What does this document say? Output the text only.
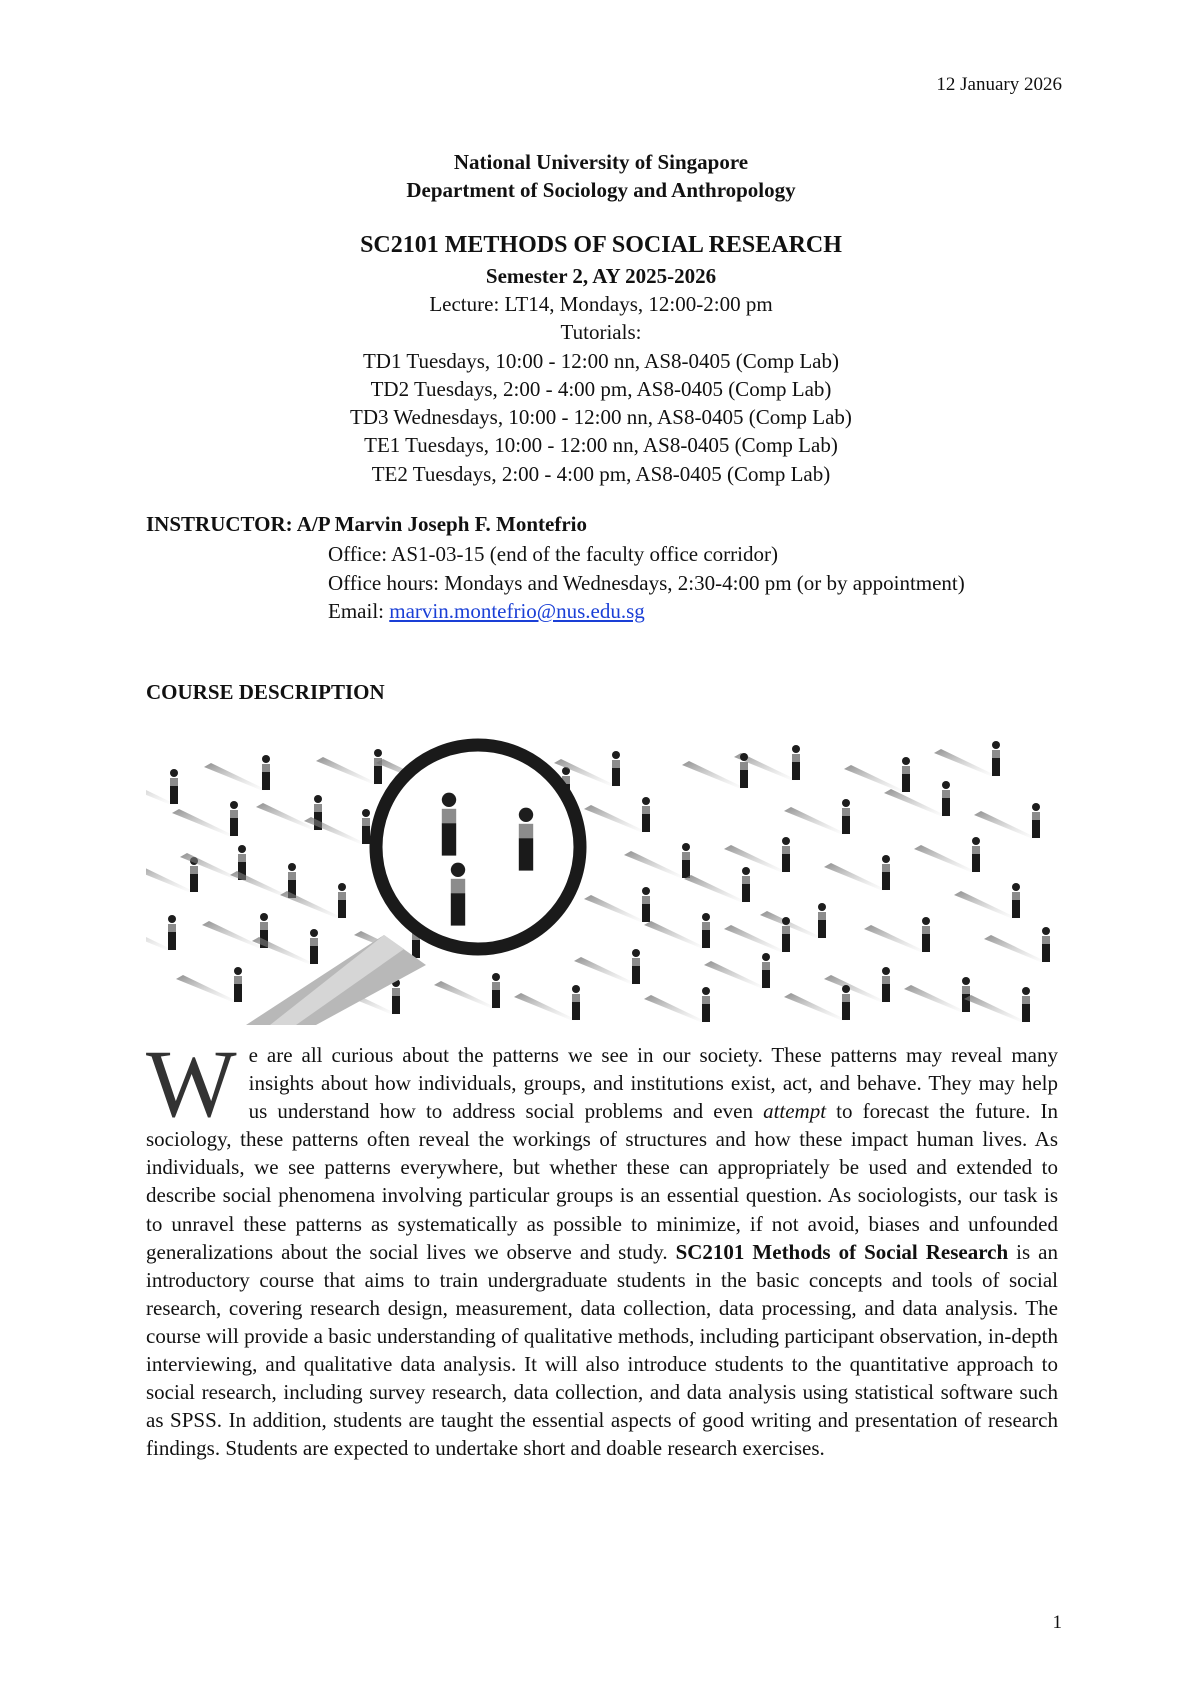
12 January 2026
National University of Singapore
Department of Sociology and Anthropology
SC2101 METHODS OF SOCIAL RESEARCH
Semester 2, AY 2025-2026
Lecture: LT14, Mondays, 12:00-2:00 pm
Tutorials:
TD1 Tuesdays, 10:00 - 12:00 nn, AS8-0405 (Comp Lab)
TD2 Tuesdays, 2:00 - 4:00 pm, AS8-0405 (Comp Lab)
TD3 Wednesdays, 10:00 - 12:00 nn, AS8-0405 (Comp Lab)
TE1 Tuesdays, 10:00 - 12:00 nn, AS8-0405 (Comp Lab)
TE2 Tuesdays, 2:00 - 4:00 pm, AS8-0405 (Comp Lab)
INSTRUCTOR: A/P Marvin Joseph F. Montefrio
Office: AS1-03-15 (end of the faculty office corridor)
Office hours: Mondays and Wednesdays, 2:30-4:00 pm (or by appointment)
Email: marvin.montefrio@nus.edu.sg
COURSE DESCRIPTION
We are all curious about the patterns we see in our society. These patterns may reveal many insights about how individuals, groups, and institutions exist, act, and behave. They may help us understand how to address social problems and even attempt to forecast the future. In sociology, these patterns often reveal the workings of structures and how these impact human lives. As individuals, we see patterns everywhere, but whether these can appropriately be used and extended to describe social phenomena involving particular groups is an essential question. As sociologists, our task is to unravel these patterns as systematically as possible to minimize, if not avoid, biases and unfounded generalizations about the social lives we observe and study. SC2101 Methods of Social Research is an introductory course that aims to train undergraduate students in the basic concepts and tools of social research, covering research design, measurement, data collection, data processing, and data analysis. The course will provide a basic understanding of qualitative methods, including participant observation, in-depth interviewing, and qualitative data analysis. It will also introduce students to the quantitative approach to social research, including survey research, data collection, and data analysis using statistical software such as SPSS. In addition, students are taught the essential aspects of good writing and presentation of research findings. Students are expected to undertake short and doable research exercises.
1
